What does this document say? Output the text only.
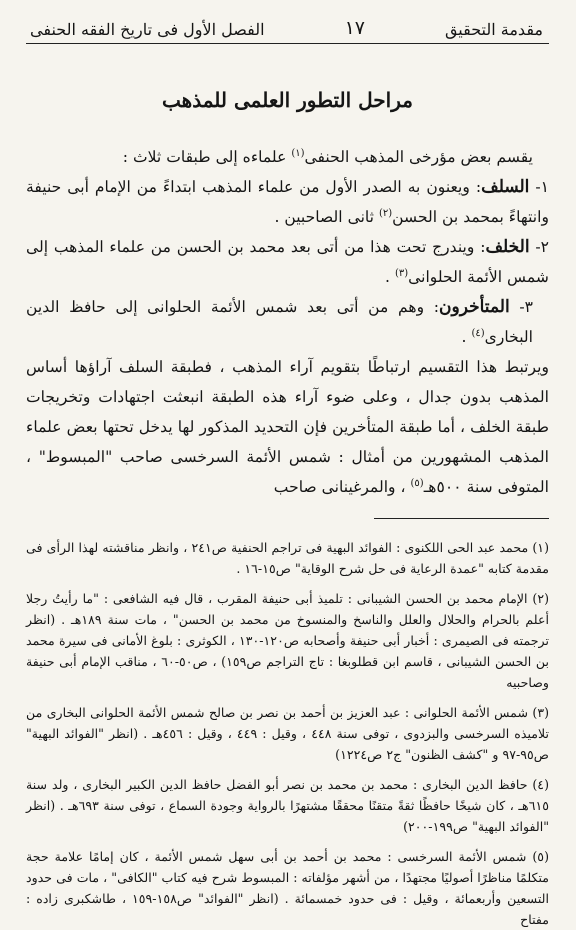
مقدمة التحقيق
١٧
الفصل الأول فى تاريخ الفقه الحنفى
مراحل التطور العلمى للمذهب

يقسم بعض مؤرخى المذهب الحنفى$^{(١)}$ علماءه إلى طبقات ثلاث :

١- السلف: ويعنون به الصدر الأول من علماء المذهب ابتداءً من الإمام أبى حنيفة وانتهاءً بمحمد بن الحسن$^{(٢)}$ ثانى الصاحبين .

٢- الخلف: ويندرج تحت هذا من أتى بعد محمد بن الحسن من علماء المذهب إلى شمس الأئمة الحلوانى$^{(٣)}$ .

٣- المتأخرون: وهم من أتى بعد شمس الأئمة الحلوانى إلى حافظ الدين البخارى$^{(٤)}$ .

ويرتبط هذا التقسيم ارتباطًا بتقويم آراء المذهب ، فطبقة السلف آراؤها أساس المذهب بدون جدال ، وعلى ضوء آراء هذه الطبقة انبعثت اجتهادات وتخريجات طبقة الخلف ، أما طبقة المتأخرين فإن التحديد المذكور لها يدخل تحتها بعض علماء المذهب المشهورين من أمثال : شمس الأئمة السرخسى صاحب "المبسوط" ، المتوفى سنة ٥٠٠هـ$^{(٥)}$ ، والمرغينانى صاحب

(١) محمد عبد الحى اللكنوى : الفوائد البهية فى تراجم الحنفية ص٢٤١ ، وانظر مناقشته لهذا الرأى فى مقدمة كتابه "عمدة الرعاية فى حل شرح الوقاية" ص١٥-١٦ .

(٢) الإمام محمد بن الحسن الشيبانى : تلميذ أبى حنيفة المقرب ، قال فيه الشافعى : "ما رأيتُ رجلا أعلم بالحرام والحلال والعلل والناسخ والمنسوخ من محمد بن الحسن" ، مات سنة ١٨٩هـ . (انظر ترجمته فى الصيمرى : أخبار أبى حنيفة وأصحابه ص١٢٠-١٣٠ ، الكوثرى : بلوغ الأمانى فى سيرة محمد بن الحسن الشيبانى ، قاسم ابن قطلوبغا : تاج التراجم ص١٥٩) ، ص٥٠-٦٠ ، مناقب الإمام أبى حنيفة وصاحبيه

(٣) شمس الأئمة الحلوانى : عبد العزيز بن أحمد بن نصر بن صالح شمس الأئمة الحلوانى البخارى من تلاميذه السرخسى والبزدوى ، توفى سنة ٤٤٨ ، وقيل : ٤٤٩ ، وقيل : ٤٥٦هـ . (انظر "الفوائد البهية" ص٩٥-٩٧ و "كشف الظنون" ج٢ ص١٢٢٤)

(٤) حافظ الدين البخارى : محمد بن محمد بن نصر أبو الفضل حافظ الدين الكبير البخارى ، ولد سنة ٦١٥هـ ، كان شيخًا حافظًا ثقةً متقنًا محققًا مشتهرًا بالرواية وجودة السماع ، توفى سنة ٦٩٣هـ . (انظر "الفوائد البهية" ص١٩٩-٢٠٠)

(٥) شمس الأئمة السرخسى : محمد بن أحمد بن أبى سهل شمس الأئمة ، كان إمامًا علامة حجة متكلمًا مناظرًا أصوليًا مجتهدًا ، من أشهر مؤلفاته : المبسوط شرح فيه كتاب "الكافى" ، مات فى حدود التسعين وأربعمائة ، وقيل : فى حدود خمسمائة . (انظر "الفوائد" ص١٥٨-١٥٩ ، طاشكبرى زاده : مفتاح
